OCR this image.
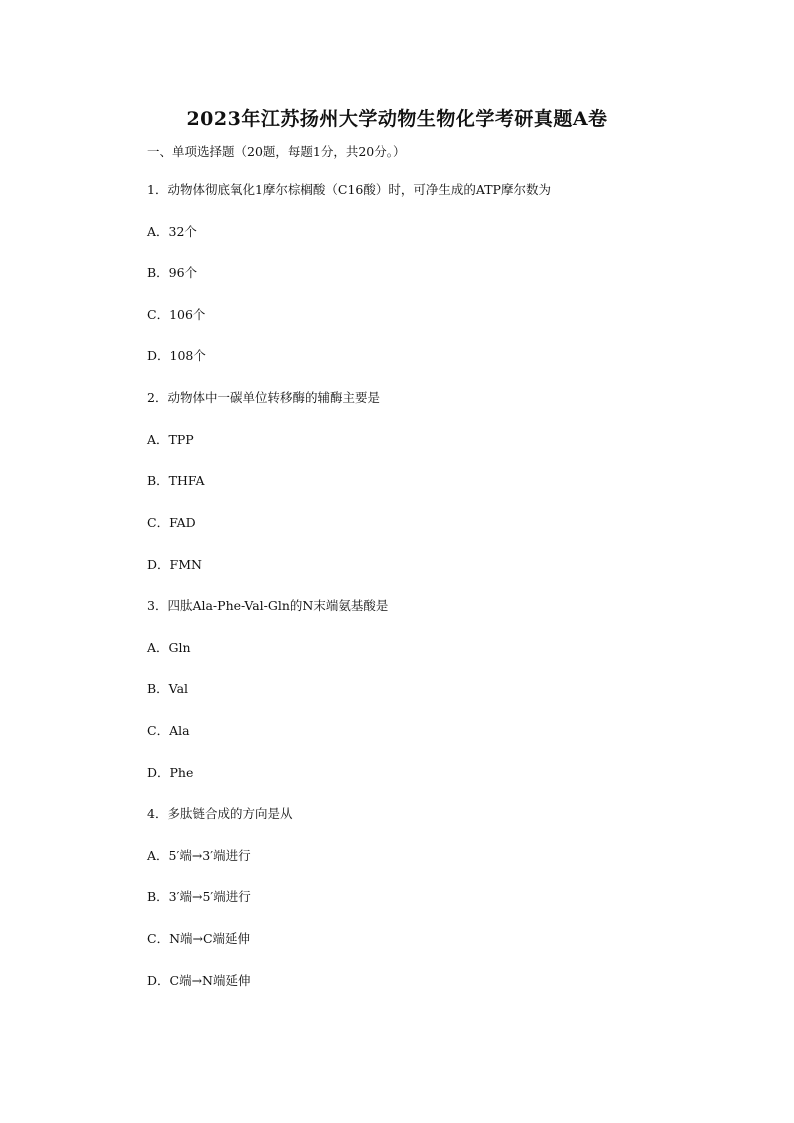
2023年江苏扬州大学动物生物化学考研真题A卷
一、单项选择题（20题，每题1分，共20分。）
1．动物体彻底氧化1摩尔棕榈酸（C16酸）时，可净生成的ATP摩尔数为
A．32个
B．96个
C．106个
D．108个
2．动物体中一碳单位转移酶的辅酶主要是
A．TPP
B．THFA
C．FAD
D．FMN
3．四肽Ala-Phe-Val-Gln的N末端氨基酸是
A．Gln
B．Val
C．Ala
D．Phe
4．多肽链合成的方向是从
A．5′端→3′端进行
B．3′端→5′端进行
C．N端→C端延伸
D．C端→N端延伸
